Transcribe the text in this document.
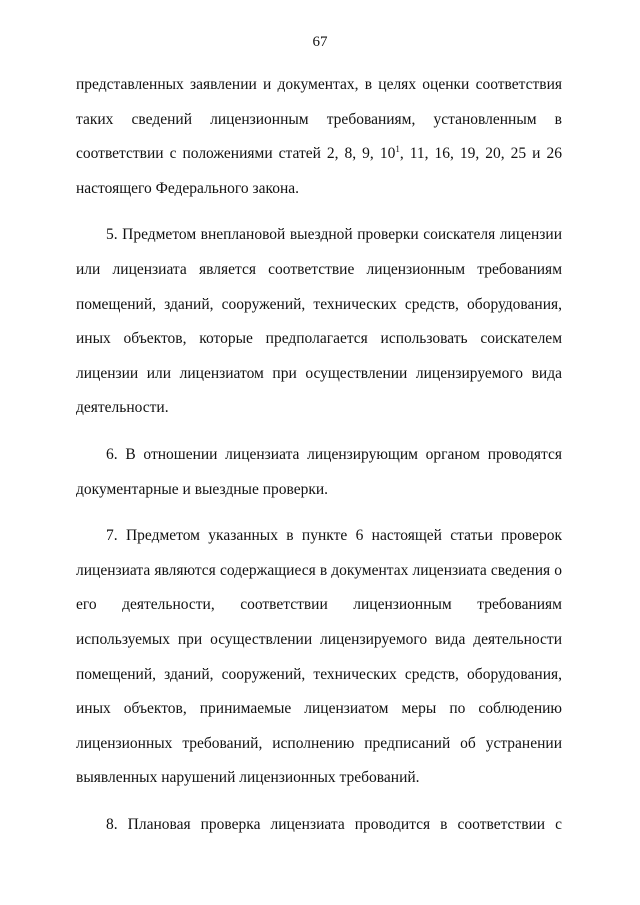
67

представленных заявлении и документах, в целях оценки соответствия таких сведений лицензионным требованиям, установленным в соответствии с положениями статей 2, 8, 9, $10^1$, 11, 16, 19, 20, 25 и 26 настоящего Федерального закона.

5. Предметом внеплановой выездной проверки соискателя лицензии или лицензиата является соответствие лицензионным требованиям помещений, зданий, сооружений, технических средств, оборудования, иных объектов, которые предполагается использовать соискателем лицензии или лицензиатом при осуществлении лицензируемого вида деятельности.

6. В отношении лицензиата лицензирующим органом проводятся документарные и выездные проверки.

7. Предметом указанных в пункте 6 настоящей статьи проверок лицензиата являются содержащиеся в документах лицензиата сведения о его деятельности, соответствии лицензионным требованиям используемых при осуществлении лицензируемого вида деятельности помещений, зданий, сооружений, технических средств, оборудования, иных объектов, принимаемые лицензиатом меры по соблюдению лицензионных требований, исполнению предписаний об устранении выявленных нарушений лицензионных требований.

8. Плановая проверка лицензиата проводится в соответствии с
